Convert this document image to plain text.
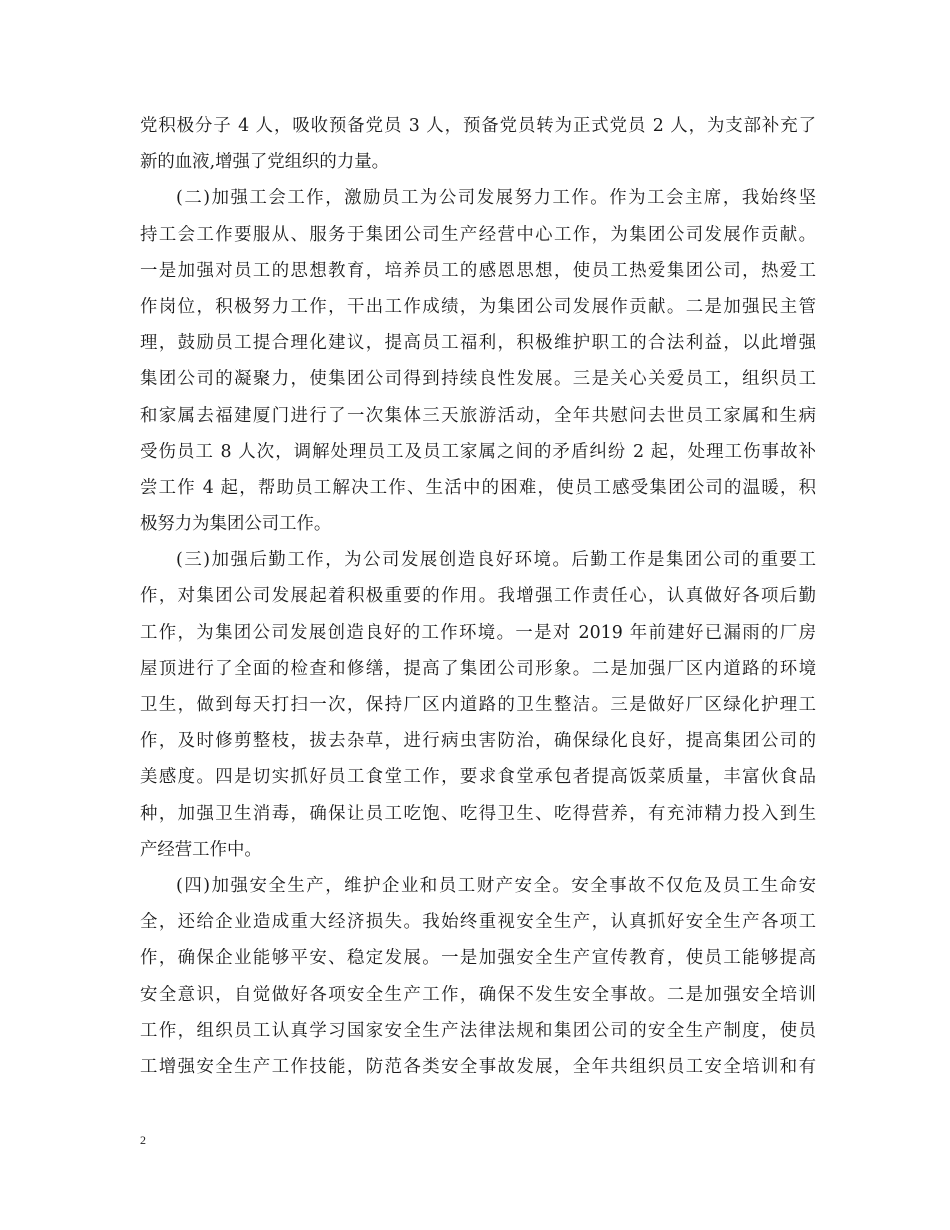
党积极分子 4 人，吸收预备党员 3 人，预备党员转为正式党员 2 人，为支部补充了
新的血液,增强了党组织的力量。
(二)加强工会工作，激励员工为公司发展努力工作。作为工会主席，我始终坚
持工会工作要服从、服务于集团公司生产经营中心工作，为集团公司发展作贡献。
一是加强对员工的思想教育，培养员工的感恩思想，使员工热爱集团公司，热爱工
作岗位，积极努力工作，干出工作成绩，为集团公司发展作贡献。二是加强民主管
理，鼓励员工提合理化建议，提高员工福利，积极维护职工的合法利益，以此增强
集团公司的凝聚力，使集团公司得到持续良性发展。三是关心关爱员工，组织员工
和家属去福建厦门进行了一次集体三天旅游活动，全年共慰问去世员工家属和生病
受伤员工 8 人次，调解处理员工及员工家属之间的矛盾纠纷 2 起，处理工伤事故补
尝工作 4 起，帮助员工解决工作、生活中的困难，使员工感受集团公司的温暖，积
极努力为集团公司工作。
(三)加强后勤工作，为公司发展创造良好环境。后勤工作是集团公司的重要工
作，对集团公司发展起着积极重要的作用。我增强工作责任心，认真做好各项后勤
工作，为集团公司发展创造良好的工作环境。一是对 2019 年前建好已漏雨的厂房
屋顶进行了全面的检查和修缮，提高了集团公司形象。二是加强厂区内道路的环境
卫生，做到每天打扫一次，保持厂区内道路的卫生整洁。三是做好厂区绿化护理工
作，及时修剪整枝，拔去杂草，进行病虫害防治，确保绿化良好，提高集团公司的
美感度。四是切实抓好员工食堂工作，要求食堂承包者提高饭菜质量，丰富伙食品
种，加强卫生消毒，确保让员工吃饱、吃得卫生、吃得营养，有充沛精力投入到生
产经营工作中。
(四)加强安全生产，维护企业和员工财产安全。安全事故不仅危及员工生命安
全，还给企业造成重大经济损失。我始终重视安全生产，认真抓好安全生产各项工
作，确保企业能够平安、稳定发展。一是加强安全生产宣传教育，使员工能够提高
安全意识，自觉做好各项安全生产工作，确保不发生安全事故。二是加强安全培训
工作，组织员工认真学习国家安全生产法律法规和集团公司的安全生产制度，使员
工增强安全生产工作技能，防范各类安全事故发展，全年共组织员工安全培训和有
2
